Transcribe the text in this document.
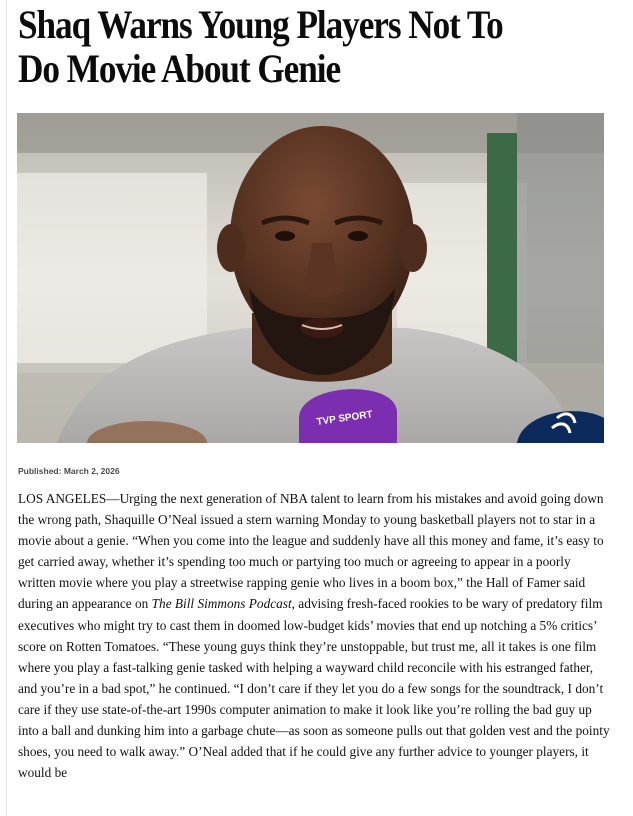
Shaq Warns Young Players Not To Do Movie About Genie
TVP SPORT
Published: March 2, 2026

LOS ANGELES—Urging the next generation of NBA talent to learn from his mistakes and avoid going down the wrong path, Shaquille O’Neal issued a stern warning Monday to young basketball players not to star in a movie about a genie. “When you come into the league and suddenly have all this money and fame, it’s easy to get carried away, whether it’s spending too much or partying too much or agreeing to appear in a poorly written movie where you play a streetwise rapping genie who lives in a boom box,” the Hall of Famer said during an appearance on The Bill Simmons Podcast, advising fresh-faced rookies to be wary of predatory film executives who might try to cast them in doomed low-budget kids’ movies that end up notching a 5% critics’ score on Rotten Tomatoes. “These young guys think they’re unstoppable, but trust me, all it takes is one film where you play a fast-talking genie tasked with helping a wayward child reconcile with his estranged father, and you’re in a bad spot,” he continued. “I don’t care if they let you do a few songs for the soundtrack, I don’t care if they use state-of-the-art 1990s computer animation to make it look like you’re rolling the bad guy up into a ball and dunking him into a garbage chute—as soon as someone pulls out that golden vest and the pointy shoes, you need to walk away.” O’Neal added that if he could give any further advice to younger players, it would be
